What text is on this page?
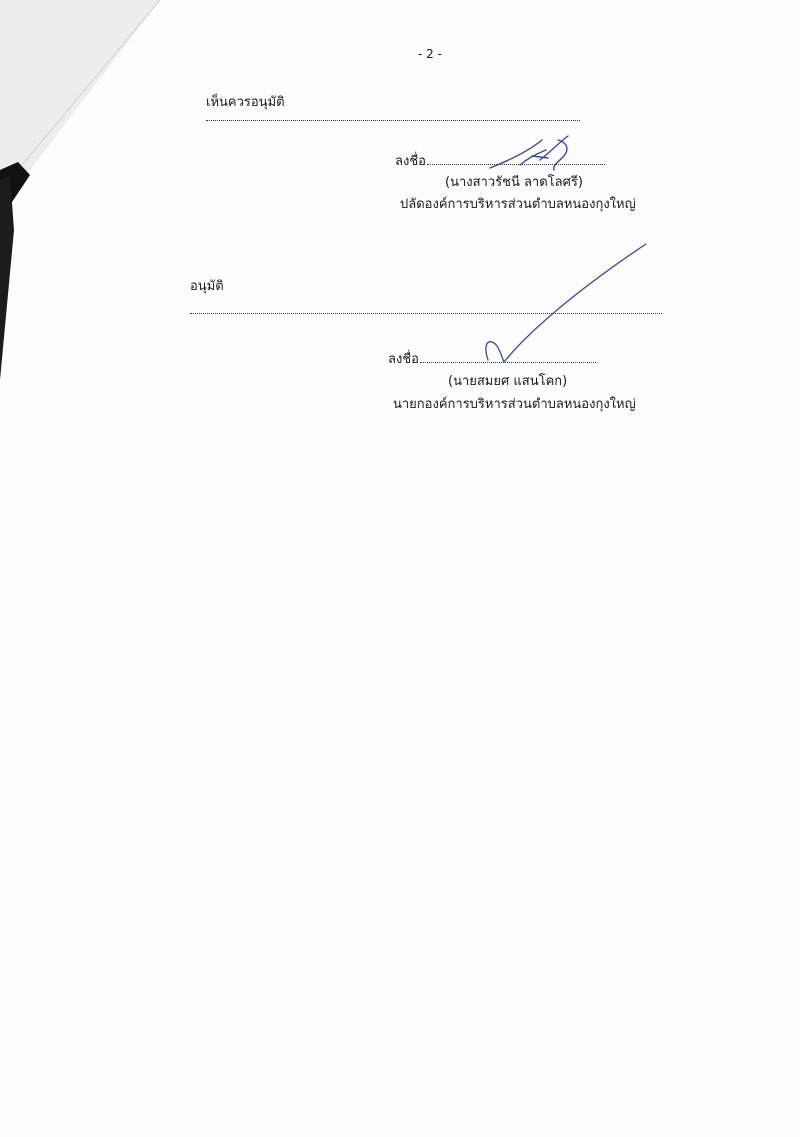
- 2 -
เห็นควรอนุมัติ
ลงชื่อ
(นางสาวรัชนี ลาดโลศรี)
ปลัดองค์การบริหารส่วนตำบลหนองกุงใหญ่
อนุมัติ
ลงชื่อ
(นายสมยศ แสนโคก)
นายกองค์การบริหารส่วนตำบลหนองกุงใหญ่
